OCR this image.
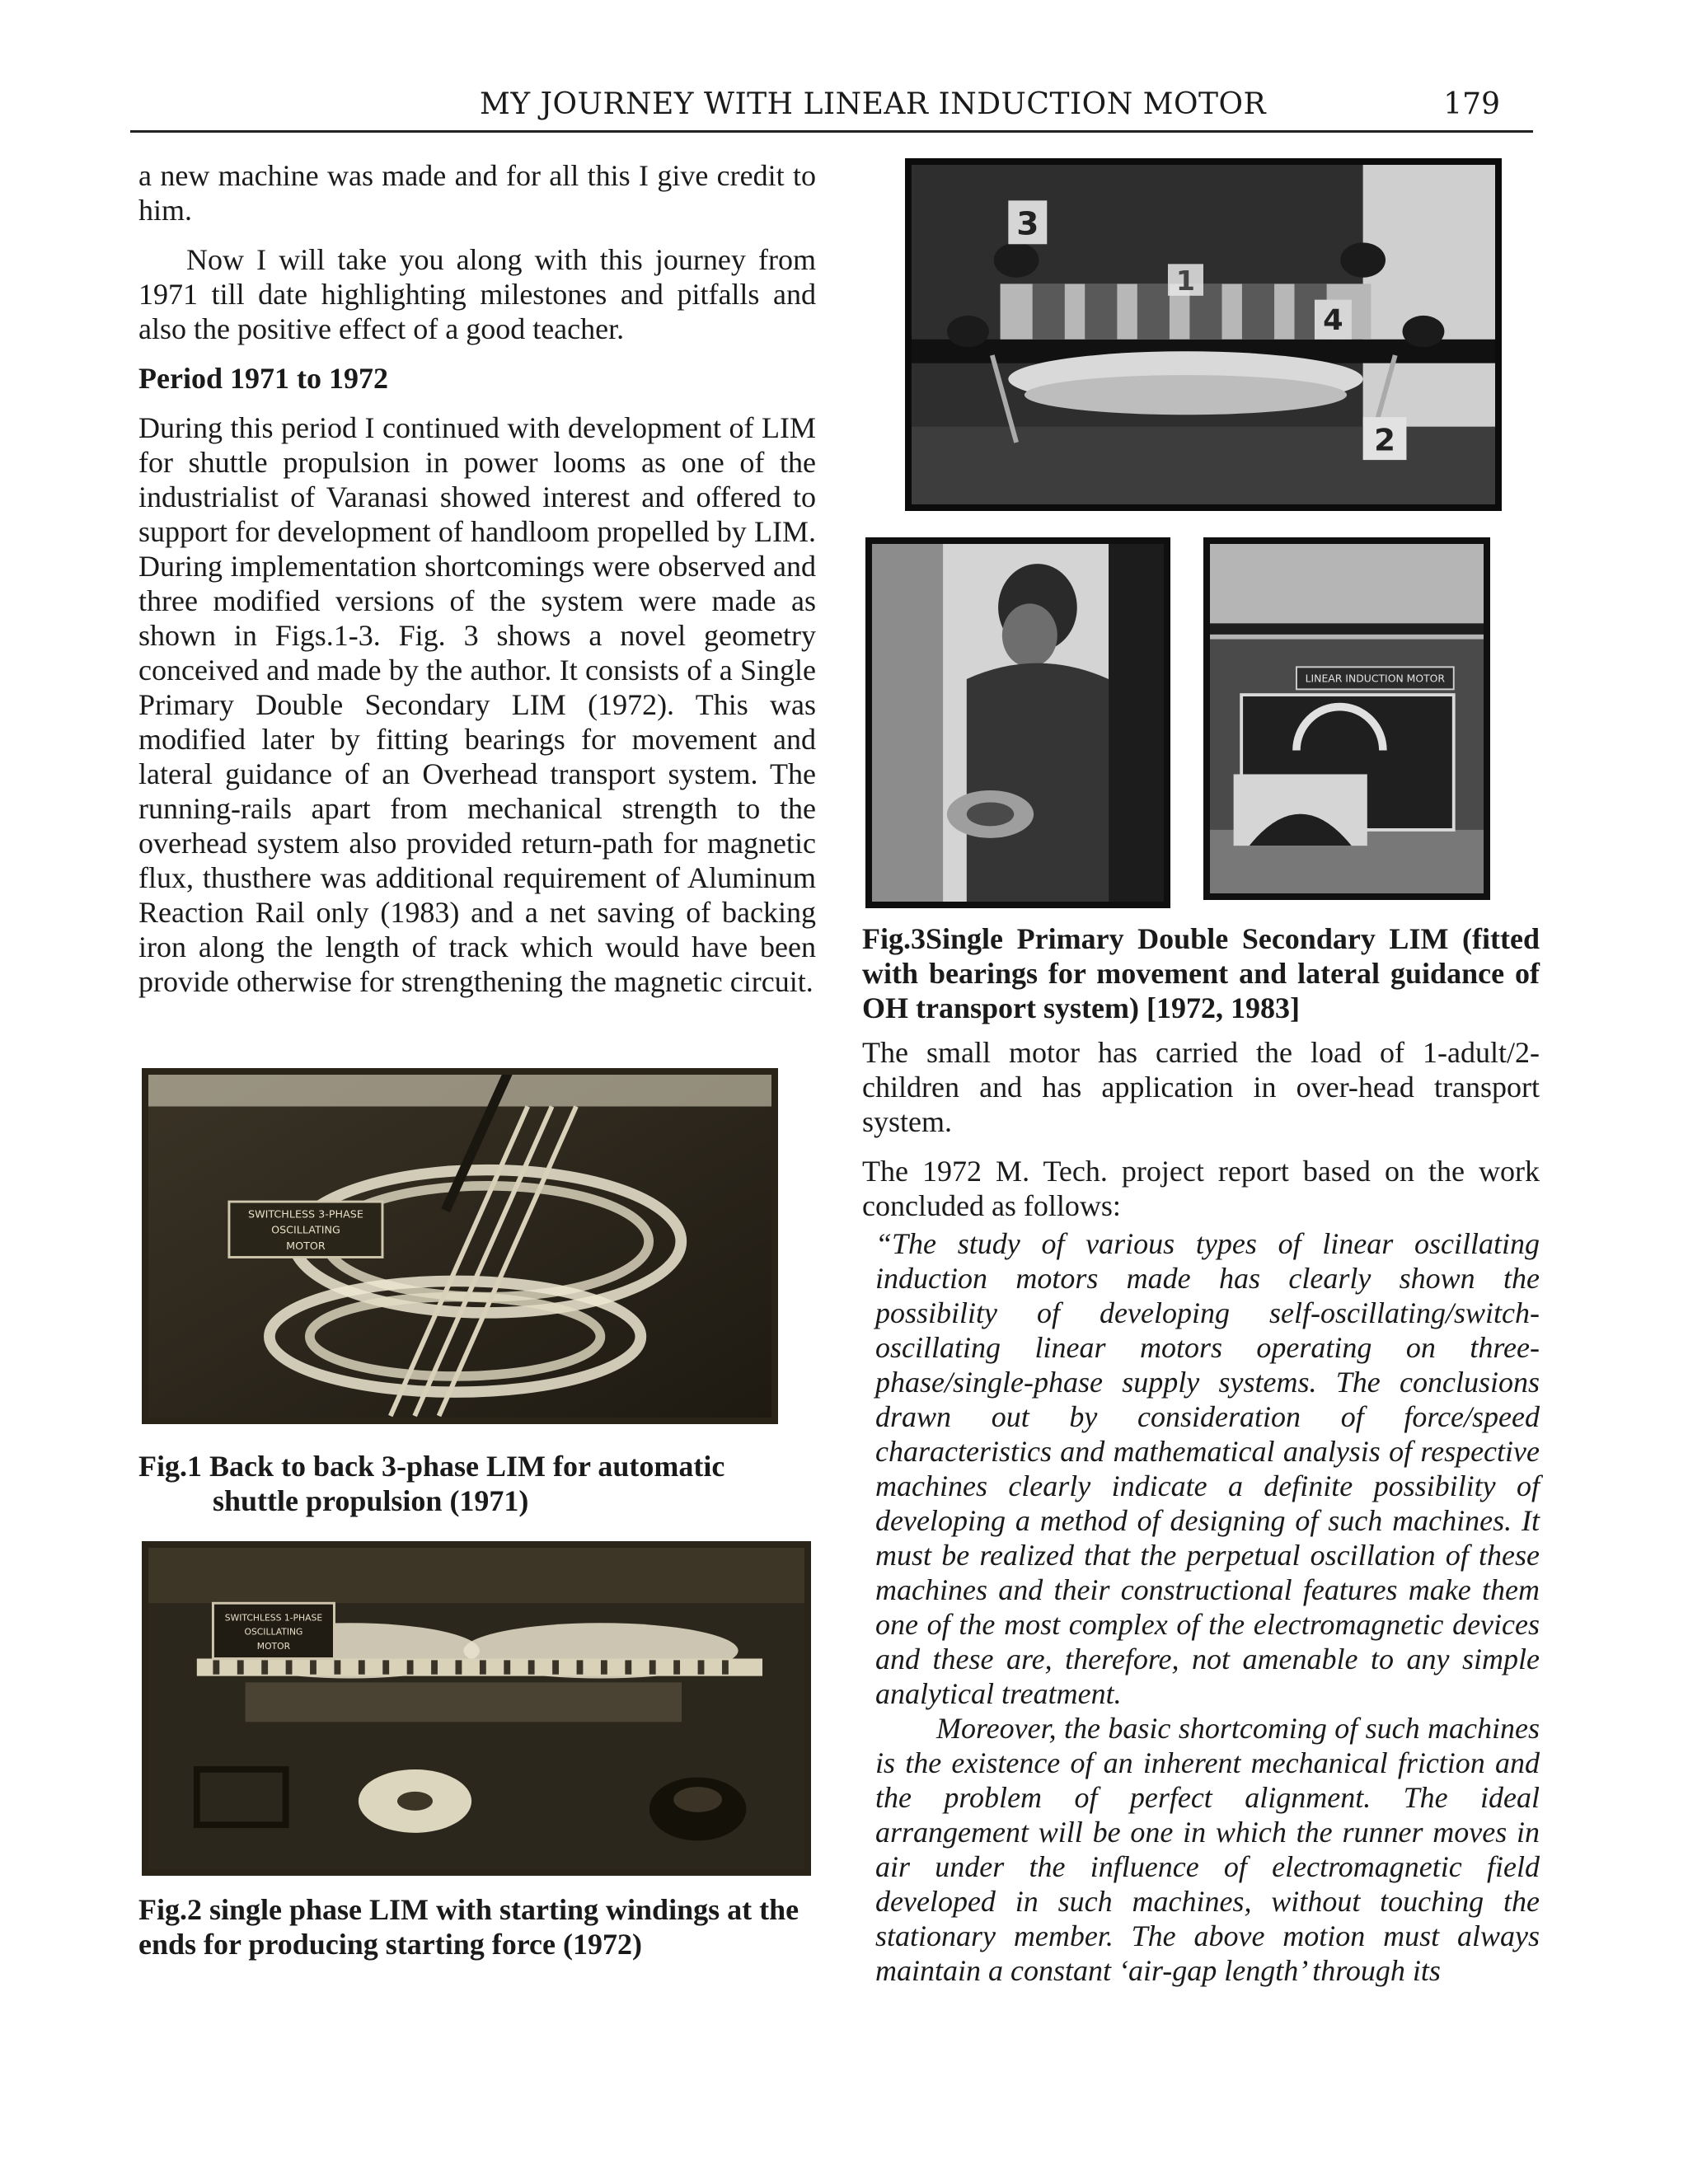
MY JOURNEY WITH LINEAR INDUCTION MOTOR	179

a new machine was made and for all this I give credit to him.

Now I will take you along with this journey from 1971 till date highlighting milestones and pitfalls and also the positive effect of a good teacher.

Period 1971 to 1972

During this period I continued with development of LIM for shuttle propulsion in power looms as one of the industrialist of Varanasi showed interest and offered to support for development of handloom propelled by LIM. During implementation shortcomings were observed and three modified versions of the system were made as shown in Figs.1-3. Fig. 3 shows a novel geometry conceived and made by the author. It consists of a Single Primary Double Secondary LIM (1972). This was modified later by fitting bearings for movement and lateral guidance of an Overhead transport system. The running-rails apart from mechanical strength to the overhead system also provided return-path for magnetic flux, thusthere was additional requirement of Aluminum Reaction Rail only (1983) and a net saving of backing iron along the length of track which would have been provide otherwise for strengthening the magnetic circuit.

SWITCHLESS 3-PHASE
OSCILLATING
MOTOR
Fig.1 Back to back 3-phase LIM for automatic
shuttle propulsion (1971)
SWITCHLESS 1-PHASE
OSCILLATING
MOTOR
Fig.2 single phase LIM with starting windings at the ends for producing starting force (1972)
3
1
4
2
LINEAR INDUCTION MOTOR
Fig.3Single Primary Double Secondary LIM (fitted with bearings for movement and lateral guidance of OH transport system) [1972, 1983]

The small motor has carried the load of 1-adult/2-children and has application in over-head transport system.

The 1972 M. Tech. project report based on the work concluded as follows:

“The study of various types of linear oscillating induction motors made has clearly shown the possibility of developing self-oscillating/switch-oscillating linear motors operating on three-phase/single-phase supply systems. The conclusions drawn out by consideration of force/speed characteristics and mathematical analysis of respective machines clearly indicate a definite possibility of developing a method of designing of such machines. It must be realized that the perpetual oscillation of these machines and their constructional features make them one of the most complex of the electromagnetic devices and these are, therefore, not amenable to any simple analytical treatment.

Moreover, the basic shortcoming of such machines is the existence of an inherent mechanical friction and the problem of perfect alignment. The ideal arrangement will be one in which the runner moves in air under the influence of electromagnetic field developed in such machines, without touching the stationary member. The above motion must always maintain a constant ‘air-gap length’ through its
